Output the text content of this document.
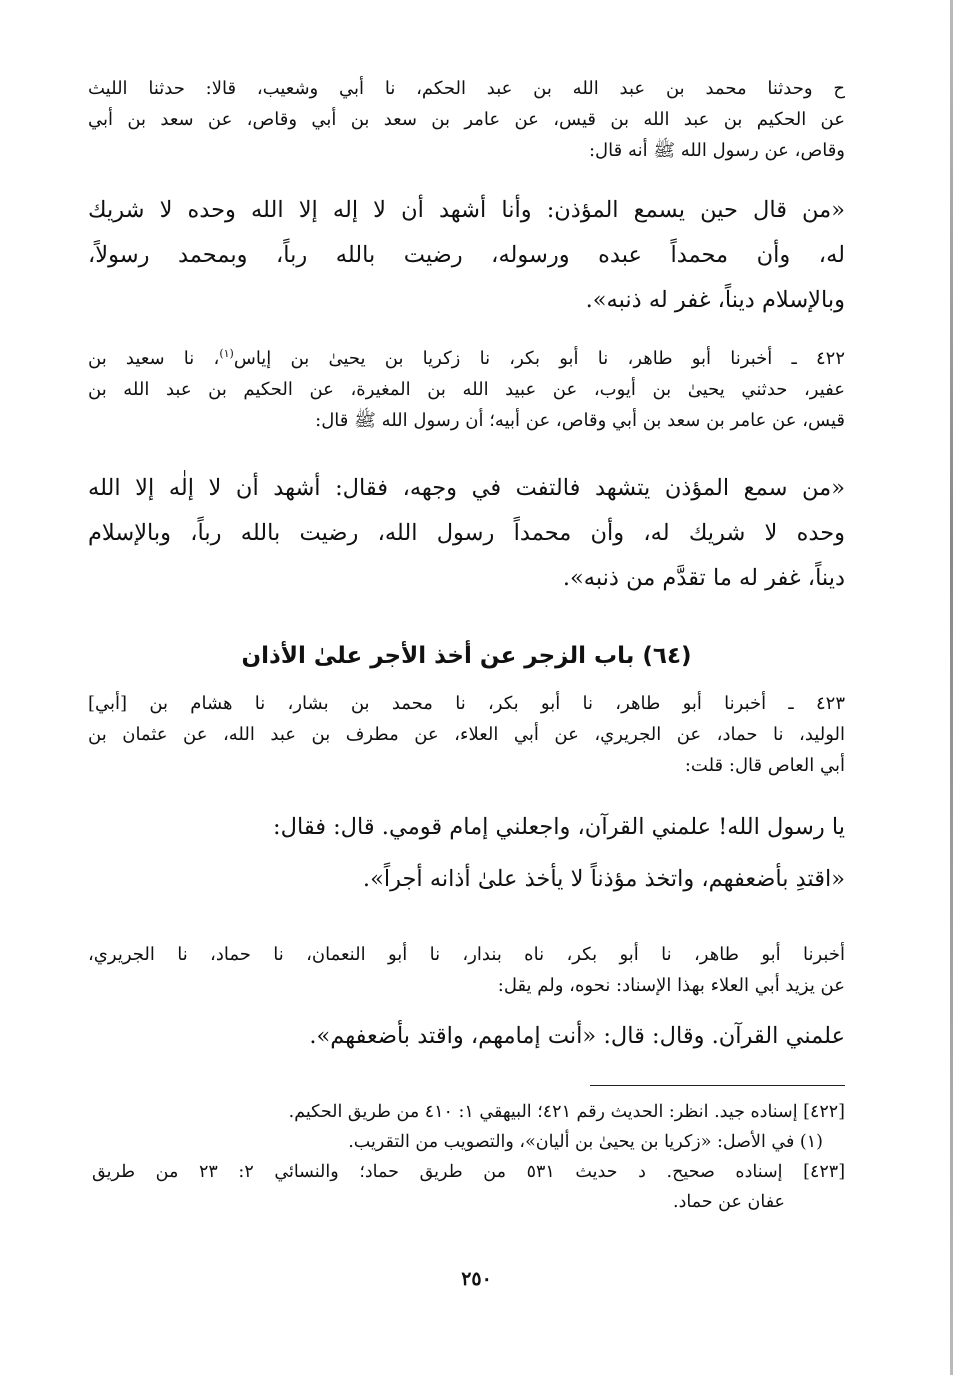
ح وحدثنا محمد بن عبد الله بن عبد الحكم، نا أبي وشعيب، قالا: حدثنا الليث
عن الحكيم بن عبد الله بن قيس، عن عامر بن سعد بن أبي وقاص، عن سعد بن أبي
وقاص، عن رسول الله ﷺ أنه قال:
«من قال حين يسمع المؤذن: وأنا أشهد أن لا إله إلا الله وحده لا شريك
له، وأن محمداً عبده ورسوله، رضيت بالله رباً، وبمحمد رسولاً،
وبالإسلام ديناً، غفر له ذنبه».
٤٢٢ ـ أخبرنا أبو طاهر، نا أبو بكر، نا زكريا بن يحيىٰ بن إياس$^{(١)}$، نا سعيد بن
عفير، حدثني يحيىٰ بن أيوب، عن عبيد الله بن المغيرة، عن الحكيم بن عبد الله بن
قيس، عن عامر بن سعد بن أبي وقاص، عن أبيه؛ أن رسول الله ﷺ قال:
«من سمع المؤذن يتشهد فالتفت في وجهه، فقال: أشهد أن لا إلٰه إلا الله
وحده لا شريك له، وأن محمداً رسول الله، رضيت بالله رباً، وبالإسلام
ديناً، غفر له ما تقدَّم من ذنبه».
(٦٤) باب الزجر عن أخذ الأجر علىٰ الأذان
٤٢٣ ـ أخبرنا أبو طاهر، نا أبو بكر، نا محمد بن بشار، نا هشام بن [أبي]
الوليد، نا حماد، عن الجريري، عن أبي العلاء، عن مطرف بن عبد الله، عن عثمان بن
أبي العاص قال: قلت:
يا رسول الله! علمني القرآن، واجعلني إمام قومي. قال: فقال:
«اقتدِ بأضعفهم، واتخذ مؤذناً لا يأخذ علىٰ أذانه أجراً».
أخبرنا أبو طاهر، نا أبو بكر، ناه بندار، نا أبو النعمان، نا حماد، نا الجريري،
عن يزيد أبي العلاء بهذا الإسناد: نحوه، ولم يقل:
علمني القرآن. وقال: قال: «أنت إمامهم، واقتد بأضعفهم».
[٤٢٢] إسناده جيد. انظر: الحديث رقم ٤٢١؛ البيهقي ١: ٤١٠ من طريق الحكيم.
(١) في الأصل: «زكريا بن يحيىٰ بن أليان»، والتصويب من التقريب.
[٤٢٣] إسناده صحيح. د حديث ٥٣١ من طريق حماد؛ والنسائي ٢: ٢٣ من طريق
عفان عن حماد.
٢٥٠
